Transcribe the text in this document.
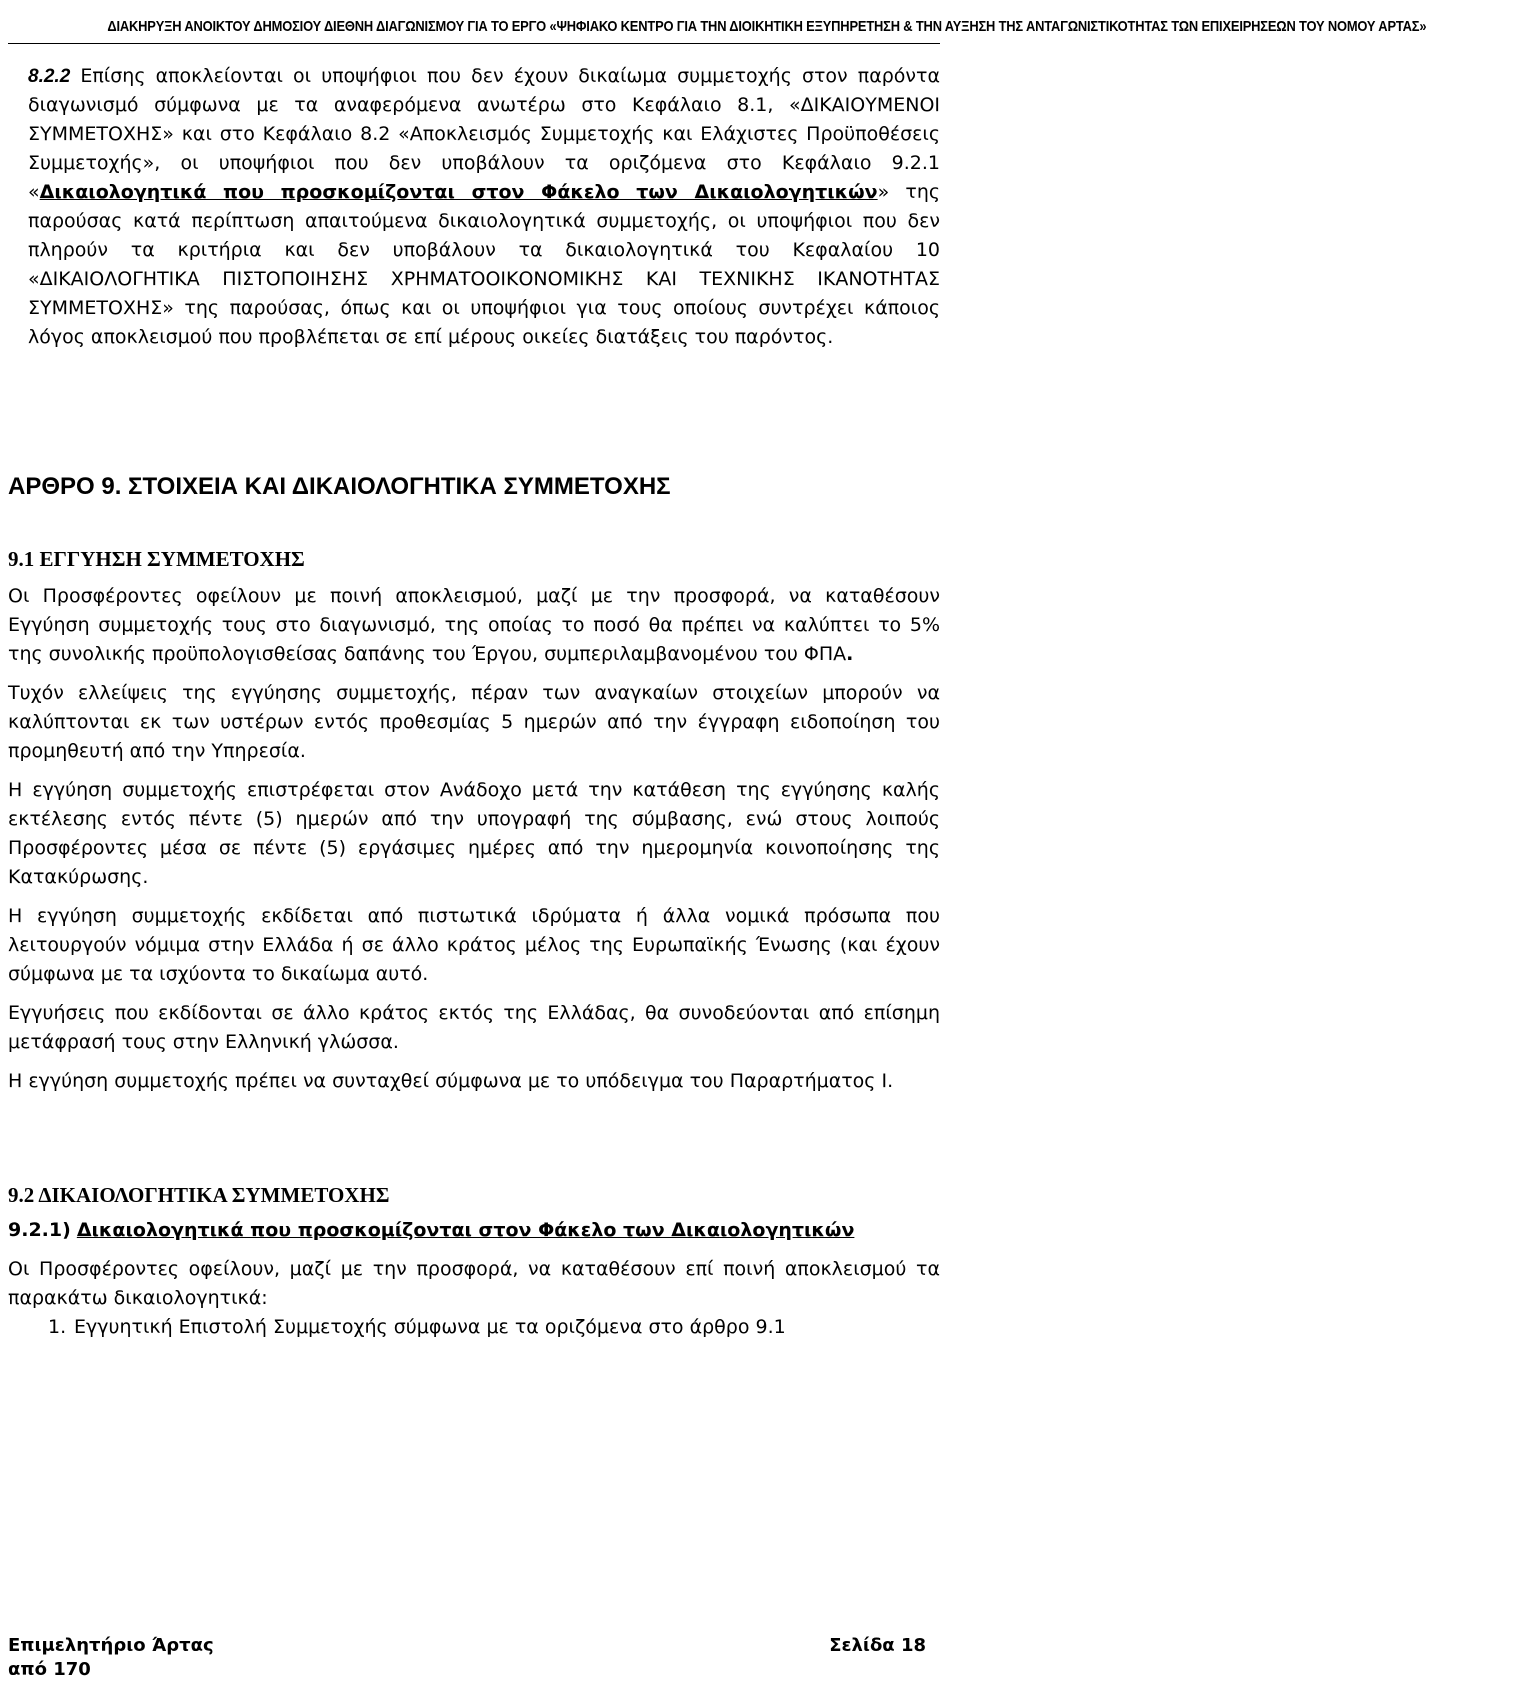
ΔΙΑΚΗΡΥΞΗ ΑΝΟΙΚΤΟΥ ΔΗΜΟΣΙΟΥ ΔΙΕΘΝΗ ΔΙΑΓΩΝΙΣΜΟΥ ΓΙΑ ΤΟ ΕΡΓΟ «ΨΗΦΙΑΚΟ ΚΕΝΤΡΟ ΓΙΑ ΤΗΝ ΔΙΟΙΚΗΤΙΚΗ ΕΞΥΠΗΡΕΤΗΣΗ & ΤΗΝ ΑΥΞΗΣΗ ΤΗΣ ΑΝΤΑΓΩΝΙΣΤΙΚΟΤΗΤΑΣ ΤΩΝ ΕΠΙΧΕΙΡΗΣΕΩΝ ΤΟΥ ΝΟΜΟΥ ΑΡΤΑΣ»
8.2.2 Επίσης αποκλείονται οι υποψήφιοι που δεν έχουν δικαίωμα συμμετοχής στον παρόντα διαγωνισμό σύμφωνα με τα αναφερόμενα ανωτέρω στο Κεφάλαιο 8.1, «ΔΙΚΑΙΟΥΜΕΝΟΙ ΣΥΜΜΕΤΟΧΗΣ» και στο Κεφάλαιο 8.2 «Αποκλεισμός Συμμετοχής και Ελάχιστες Προϋποθέσεις Συμμετοχής», οι υποψήφιοι που δεν υποβάλουν τα οριζόμενα στο Κεφάλαιο 9.2.1 «Δικαιολογητικά που προσκομίζονται στον Φάκελο των Δικαιολογητικών» της παρούσας κατά περίπτωση απαιτούμενα δικαιολογητικά συμμετοχής, οι υποψήφιοι που δεν πληρούν τα κριτήρια και δεν υποβάλουν τα δικαιολογητικά του Κεφαλαίου 10 «ΔΙΚΑΙΟΛΟΓΗΤΙΚΑ ΠΙΣΤΟΠΟΙΗΣΗΣ ΧΡΗΜΑΤΟΟΙΚΟΝΟΜΙΚΗΣ ΚΑΙ ΤΕΧΝΙΚΗΣ ΙΚΑΝΟΤΗΤΑΣ ΣΥΜΜΕΤΟΧΗΣ» της παρούσας, όπως και οι υποψήφιοι για τους οποίους συντρέχει κάποιος λόγος αποκλεισμού που προβλέπεται σε επί μέρους οικείες διατάξεις του παρόντος.
ΑΡΘΡΟ 9. ΣΤΟΙΧΕΙΑ ΚΑΙ ΔΙΚΑΙΟΛΟΓΗΤΙΚΑ ΣΥΜΜΕΤΟΧΗΣ
9.1 ΕΓΓΥΗΣΗ ΣΥΜΜΕΤΟΧΗΣ
Οι Προσφέροντες οφείλουν με ποινή αποκλεισμού, μαζί με την προσφορά, να καταθέσουν Εγγύηση συμμετοχής τους στο διαγωνισμό, της οποίας το ποσό θα πρέπει να καλύπτει το 5% της συνολικής προϋπολογισθείσας δαπάνης του Έργου, συμπεριλαμβανομένου του ΦΠΑ.
Τυχόν ελλείψεις της εγγύησης συμμετοχής, πέραν των αναγκαίων στοιχείων μπορούν να καλύπτονται εκ των υστέρων εντός προθεσμίας 5 ημερών από την έγγραφη ειδοποίηση του προμηθευτή από την Υπηρεσία.
Η εγγύηση συμμετοχής επιστρέφεται στον Ανάδοχο μετά την κατάθεση της εγγύησης καλής εκτέλεσης εντός πέντε (5) ημερών από την υπογραφή της σύμβασης, ενώ στους λοιπούς Προσφέροντες μέσα σε πέντε (5) εργάσιμες ημέρες από την ημερομηνία κοινοποίησης της Κατακύρωσης.
Η εγγύηση συμμετοχής εκδίδεται από πιστωτικά ιδρύματα ή άλλα νομικά πρόσωπα που λειτουργούν νόμιμα στην Ελλάδα ή σε άλλο κράτος μέλος της Ευρωπαϊκής Ένωσης (και έχουν σύμφωνα με τα ισχύοντα το δικαίωμα αυτό.
Εγγυήσεις που εκδίδονται σε άλλο κράτος εκτός της Ελλάδας, θα συνοδεύονται από επίσημη μετάφρασή τους στην Ελληνική γλώσσα.
Η εγγύηση συμμετοχής πρέπει να συνταχθεί σύμφωνα με το υπόδειγμα του Παραρτήματος Ι.
9.2 ΔΙΚΑΙΟΛΟΓΗΤΙΚΑ ΣΥΜΜΕΤΟΧΗΣ
9.2.1) Δικαιολογητικά που προσκομίζονται στον Φάκελο των Δικαιολογητικών
Οι Προσφέροντες οφείλουν, μαζί με την προσφορά, να καταθέσουν επί ποινή αποκλεισμού τα παρακάτω δικαιολογητικά:
1. Εγγυητική Επιστολή Συμμετοχής σύμφωνα με τα οριζόμενα στο άρθρο 9.1
Επιμελητήριο Άρτας	Σελίδα 18
από 170
